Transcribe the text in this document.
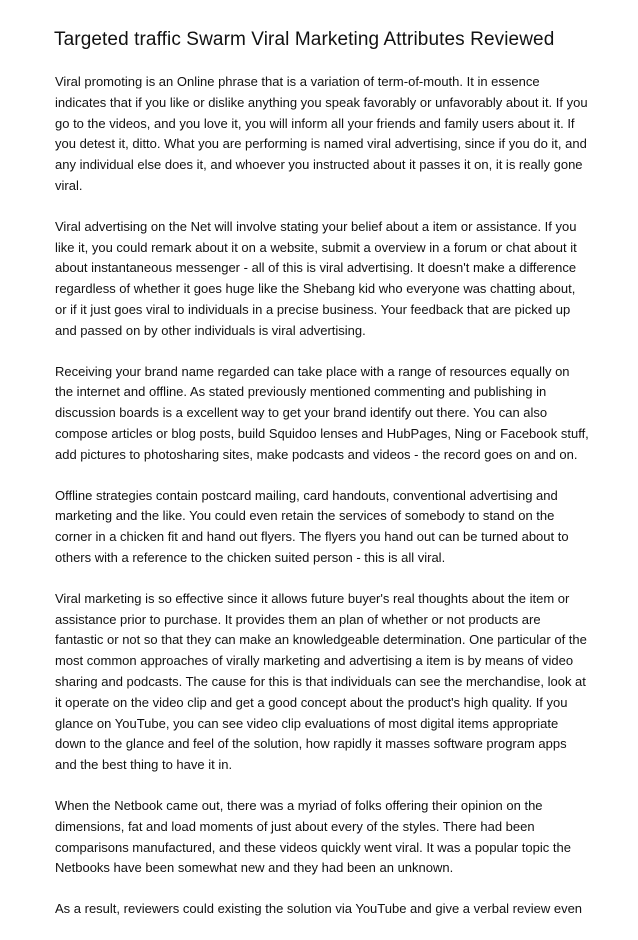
Targeted traffic Swarm Viral Marketing Attributes Reviewed

Viral promoting is an Online phrase that is a variation of term-of-mouth. It in essence indicates that if you like or dislike anything you speak favorably or unfavorably about it. If you go to the videos, and you love it, you will inform all your friends and family users about it. If you detest it, ditto. What you are performing is named viral advertising, since if you do it, and any individual else does it, and whoever you instructed about it passes it on, it is really gone viral.

Viral advertising on the Net will involve stating your belief about a item or assistance. If you like it, you could remark about it on a website, submit a overview in a forum or chat about it about instantaneous messenger - all of this is viral advertising. It doesn't make a difference regardless of whether it goes huge like the Shebang kid who everyone was chatting about, or if it just goes viral to individuals in a precise business. Your feedback that are picked up and passed on by other individuals is viral advertising.

Receiving your brand name regarded can take place with a range of resources equally on the internet and offline. As stated previously mentioned commenting and publishing in discussion boards is a excellent way to get your brand identify out there. You can also compose articles or blog posts, build Squidoo lenses and HubPages, Ning or Facebook stuff, add pictures to photosharing sites, make podcasts and videos - the record goes on and on.

Offline strategies contain postcard mailing, card handouts, conventional advertising and marketing and the like. You could even retain the services of somebody to stand on the corner in a chicken fit and hand out flyers. The flyers you hand out can be turned about to others with a reference to the chicken suited person - this is all viral.

Viral marketing is so effective since it allows future buyer's real thoughts about the item or assistance prior to purchase. It provides them an plan of whether or not products are fantastic or not so that they can make an knowledgeable determination. One particular of the most common approaches of virally marketing and advertising a item is by means of video sharing and podcasts. The cause for this is that individuals can see the merchandise, look at it operate on the video clip and get a good concept about the product's high quality. If you glance on YouTube, you can see video clip evaluations of most digital items appropriate down to the glance and feel of the solution, how rapidly it masses software program apps and the best thing to have it in.

When the Netbook came out, there was a myriad of folks offering their opinion on the dimensions, fat and load moments of just about every of the styles. There had been comparisons manufactured, and these videos quickly went viral. It was a popular topic the Netbooks have been somewhat new and they had been an unknown.

As a result, reviewers could existing the solution via YouTube and give a verbal review even
